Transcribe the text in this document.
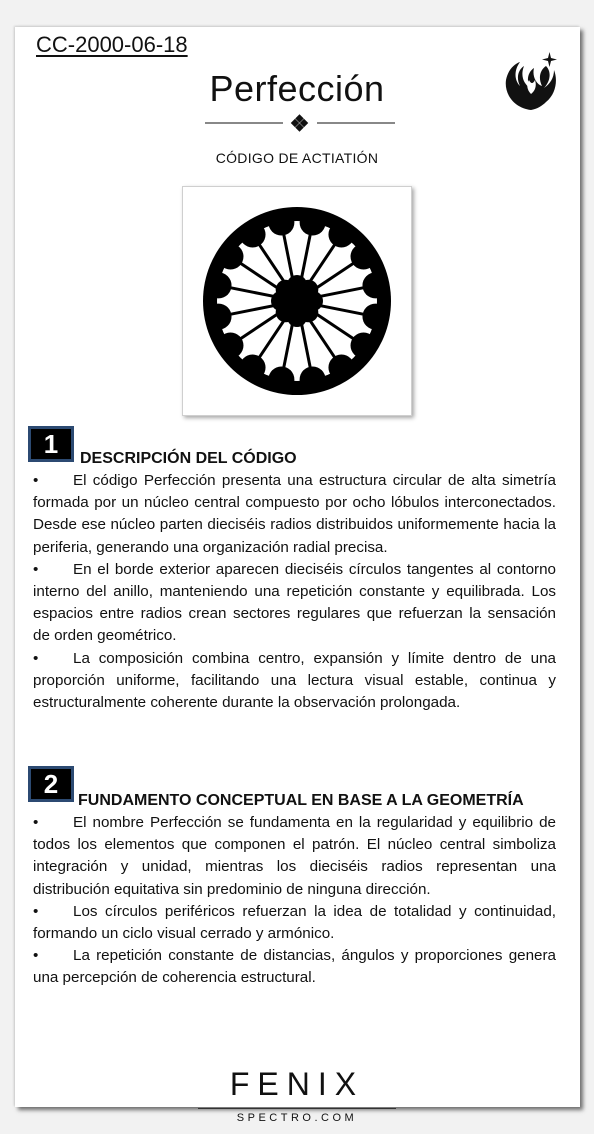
CC-2000-06-18
Perfección
CÓDIGO DE ACTIATIÓN
1	DESCRIPCIÓN DEL CÓDIGO

• El código Perfección presenta una estructura circular de alta simetría formada por un núcleo central compuesto por ocho lóbulos interconectados. Desde ese núcleo parten dieciséis radios distribuidos uniformemente hacia la periferia, generando una organización radial precisa.

• En el borde exterior aparecen dieciséis círculos tangentes al contorno interno del anillo, manteniendo una repetición constante y equilibrada. Los espacios entre radios crean sectores regulares que refuerzan la sensación de orden geométrico.

• La composición combina centro, expansión y límite dentro de una proporción uniforme, facilitando una lectura visual estable, continua y estructuralmente coherente durante la observación prolongada.

2
FUNDAMENTO CONCEPTUAL EN BASE A LA GEOMETRÍA

• El nombre Perfección se fundamenta en la regularidad y equilibrio de todos los elementos que componen el patrón. El núcleo central simboliza integración y unidad, mientras los dieciséis radios representan una distribución equitativa sin predominio de ninguna dirección.

• Los círculos periféricos refuerzan la idea de totalidad y continuidad, formando un ciclo visual cerrado y armónico.

• La repetición constante de distancias, ángulos y proporciones genera una percepción de coherencia estructural.

FENIX
SPECTRO.COM
